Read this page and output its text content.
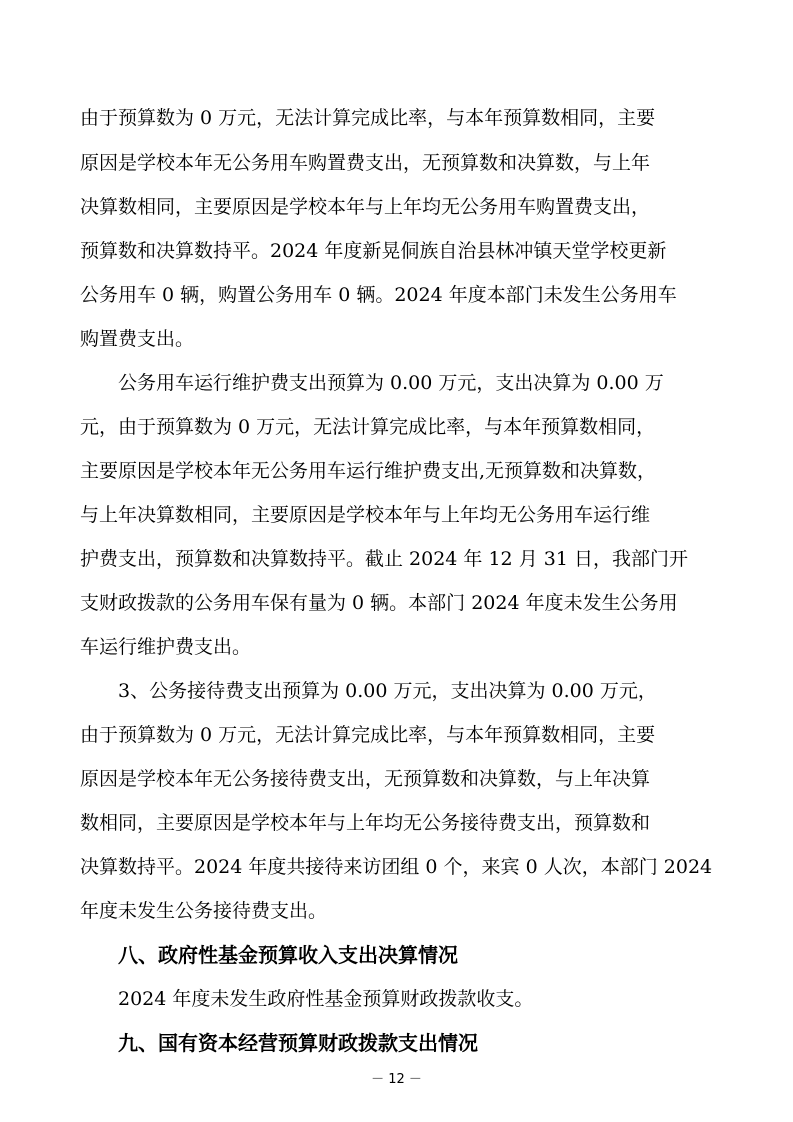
由于预算数为 0 万元，无法计算完成比率，与本年预算数相同，主要
原因是学校本年无公务用车购置费支出，无预算数和决算数，与上年
决算数相同，主要原因是学校本年与上年均无公务用车购置费支出，
预算数和决算数持平。2024 年度新晃侗族自治县林冲镇天堂学校更新
公务用车 0 辆，购置公务用车 0 辆。2024 年度本部门未发生公务用车
购置费支出。
公务用车运行维护费支出预算为 0.00 万元，支出决算为 0.00 万
元，由于预算数为 0 万元，无法计算完成比率，与本年预算数相同，
主要原因是学校本年无公务用车运行维护费支出,无预算数和决算数，
与上年决算数相同，主要原因是学校本年与上年均无公务用车运行维
护费支出，预算数和决算数持平。截止 2024 年 12 月 31 日，我部门开
支财政拨款的公务用车保有量为 0 辆。本部门 2024 年度未发生公务用
车运行维护费支出。
3、公务接待费支出预算为 0.00 万元，支出决算为 0.00 万元，
由于预算数为 0 万元，无法计算完成比率，与本年预算数相同，主要
原因是学校本年无公务接待费支出，无预算数和决算数，与上年决算
数相同，主要原因是学校本年与上年均无公务接待费支出，预算数和
决算数持平。2024 年度共接待来访团组 0 个，来宾 0 人次，本部门 2024
年度未发生公务接待费支出。
八、政府性基金预算收入支出决算情况
2024 年度未发生政府性基金预算财政拨款收支。
九、国有资本经营预算财政拨款支出情况
－ 12 －
